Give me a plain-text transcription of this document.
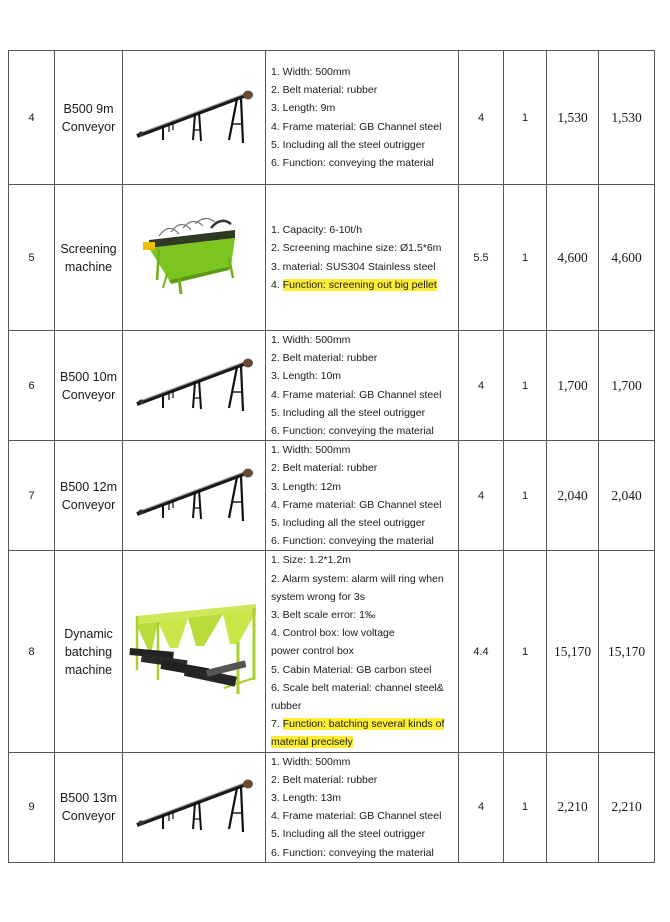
4	
B500 9m
Conveyor

1. Width: 500mm
2. Belt material: rubber
3. Length: 9m
4. Frame material: GB Channel steel
5. Including all the steel outrigger
6. Function: conveying the material
	4	1	1,530	1,530
5	
Screening
machine

1. Capacity: 6-10t/h
2. Screening machine size: Ø1.5*6m
3. material: SUS304 Stainless steel
4. Function: screening out big pellet
	5.5	1	4,600	4,600
6	
B500 10m
Conveyor

1. Width: 500mm
2. Belt material: rubber
3. Length: 10m
4. Frame material: GB Channel steel
5. Including all the steel outrigger
6. Function: conveying the material
	4	1	1,700	1,700
7	
B500 12m
Conveyor

1. Width: 500mm
2. Belt material: rubber
3. Length: 12m
4. Frame material: GB Channel steel
5. Including all the steel outrigger
6. Function: conveying the material
	4	1	2,040	2,040
8	
Dynamic
batching
machine

1. Size: 1.2*1.2m
2. Alarm system: alarm will ring when
system wrong for 3s
3. Belt scale error: 1‰
4. Control box: low voltage
power control box
5. Cabin Material: GB carbon steel
6. Scale belt material: channel steel&
rubber
7. Function: batching several kinds of
material precisely
	4.4	1	15,170	15,170
9	
B500 13m
Conveyor

1. Width: 500mm
2. Belt material: rubber
3. Length: 13m
4. Frame material: GB Channel steel
5. Including all the steel outrigger
6. Function: conveying the material
	4	1	2,210	2,210
